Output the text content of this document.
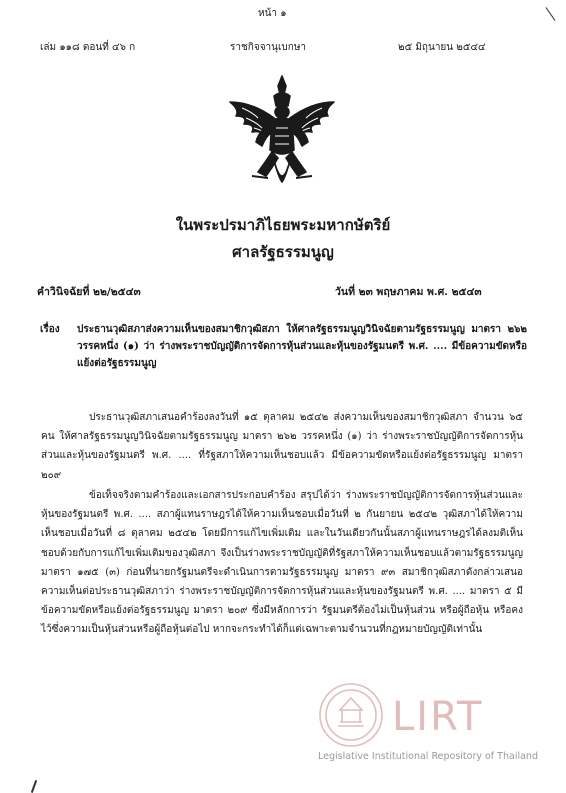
หน้า ๑
เล่ม ๑๑๘ ตอนที่ ๔๖ ก	ราชกิจจานุเบกษา	๒๕ มิถุนายน ๒๕๔๔
ในพระปรมาภิไธยพระมหากษัตริย์
ศาลรัฐธรรมนูญ
คำวินิจฉัยที่ ๒๒/๒๕๔๓	วันที่ ๒๓ พฤษภาคม พ.ศ. ๒๕๔๓
เรื่อง ประธานวุฒิสภาส่งความเห็นของสมาชิกวุฒิสภา ให้ศาลรัฐธรรมนูญวินิจฉัยตามรัฐธรรมนูญ มาตรา ๒๖๒ วรรคหนึ่ง (๑) ว่า ร่างพระราชบัญญัติการจัดการหุ้นส่วนและหุ้นของรัฐมนตรี พ.ศ. .... มีข้อความขัดหรือแย้งต่อรัฐธรรมนูญ
ประธานวุฒิสภาเสนอคำร้องลงวันที่ ๑๕ ตุลาคม ๒๕๔๒ ส่งความเห็นของสมาชิกวุฒิสภา จำนวน ๖๕ คน ให้ศาลรัฐธรรมนูญวินิจฉัยตามรัฐธรรมนูญ มาตรา ๒๖๒ วรรคหนึ่ง (๑) ว่า ร่างพระราชบัญญัติการจัดการหุ้นส่วนและหุ้นของรัฐมนตรี พ.ศ. .... ที่รัฐสภาให้ความเห็นชอบแล้ว มีข้อความขัดหรือแย้งต่อรัฐธรรมนูญ มาตรา ๒๐๙
ข้อเท็จจริงตามคำร้องและเอกสารประกอบคำร้อง สรุปได้ว่า ร่างพระราชบัญญัติการจัดการหุ้นส่วนและหุ้นของรัฐมนตรี พ.ศ. .... สภาผู้แทนราษฎรได้ให้ความเห็นชอบเมื่อวันที่ ๒ กันยายน ๒๕๔๒ วุฒิสภาได้ให้ความเห็นชอบเมื่อวันที่ ๘ ตุลาคม ๒๕๔๒ โดยมีการแก้ไขเพิ่มเติม และในวันเดียวกันนั้นสภาผู้แทนราษฎรได้ลงมติเห็นชอบด้วยกับการแก้ไขเพิ่มเติมของวุฒิสภา จึงเป็นร่างพระราชบัญญัติที่รัฐสภาให้ความเห็นชอบแล้วตามรัฐธรรมนูญ มาตรา ๑๗๕ (๓) ก่อนที่นายกรัฐมนตรีจะดำเนินการตามรัฐธรรมนูญ มาตรา ๙๓ สมาชิกวุฒิสภาดังกล่าวเสนอความเห็นต่อประธานวุฒิสภาว่า ร่างพระราชบัญญัติการจัดการหุ้นส่วนและหุ้นของรัฐมนตรี พ.ศ. .... มาตรา ๕ มีข้อความขัดหรือแย้งต่อรัฐธรรมนูญ มาตรา ๒๐๙ ซึ่งมีหลักการว่า รัฐมนตรีต้องไม่เป็นหุ้นส่วน หรือผู้ถือหุ้น หรือคงไว้ซึ่งความเป็นหุ้นส่วนหรือผู้ถือหุ้นต่อไป หากจะกระทำได้ก็แต่เฉพาะตามจำนวนที่กฎหมายบัญญัติเท่านั้น
LIRT
Legislative Institutional Repository of Thailand
